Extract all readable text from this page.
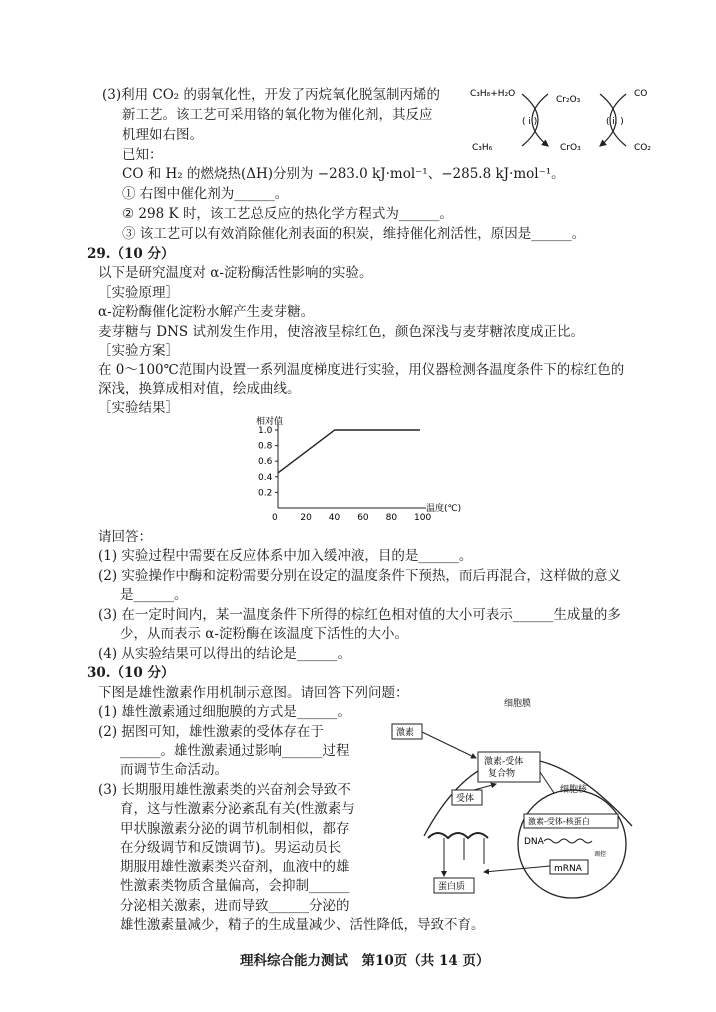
(3)利用 CO₂ 的弱氧化性，开发了丙烷氧化脱氢制丙烯的
新工艺。该工艺可采用铬的氧化物为催化剂，其反应
机理如右图。
已知：
CO 和 H₂ 的燃烧热(ΔH)分别为 −283.0 kJ·mol⁻¹、−285.8 kJ·mol⁻¹。
① 右图中催化剂为______。
② 298 K 时，该工艺总反应的热化学方程式为______。
③ 该工艺可以有效消除催化剂表面的积炭，维持催化剂活性，原因是______。
C₃H₈+H₂O
C₃H₆
Cr₂O₃
CrO₃
CO
CO₂
( i )	( ii )
29.（10 分）
以下是研究温度对 α-淀粉酶活性影响的实验。
［实验原理］
α-淀粉酶催化淀粉水解产生麦芽糖。
麦芽糖与 DNS 试剂发生作用，使溶液呈棕红色，颜色深浅与麦芽糖浓度成正比。
［实验方案］
在 0～100℃范围内设置一系列温度梯度进行实验，用仪器检测各温度条件下的棕红色的
深浅，换算成相对值，绘成曲线。
［实验结果］
相对值
温度(℃)
0.2
0.4
0.6
0.8
1.0
0	20 40 60 80 100
请回答：
(1) 实验过程中需要在反应体系中加入缓冲液，目的是______。
(2) 实验操作中酶和淀粉需要分别在设定的温度条件下预热，而后再混合，这样做的意义
是______。
(3) 在一定时间内，某一温度条件下所得的棕红色相对值的大小可表示______生成量的多
少，从而表示 α-淀粉酶在该温度下活性的大小。
(4) 从实验结果可以得出的结论是______。
30.（10 分）
下图是雄性激素作用机制示意图。请回答下列问题：
(1) 雄性激素通过细胞膜的方式是______。
(2) 据图可知，雄性激素的受体存在于
______。雄性激素通过影响______过程
而调节生命活动。
(3) 长期服用雄性激素类的兴奋剂会导致不
育，这与性激素分泌紊乱有关(性激素与
甲状腺激素分泌的调节机制相似，都存
在分级调节和反馈调节)。男运动员长
期服用雄性激素类兴奋剂，血液中的雄
性激素类物质含量偏高，会抑制______
分泌相关激素，进而导致______分泌的
雄性激素量减少，精子的生成量减少、活性降低，导致不育。
细胞膜
激素
激素-受体
复合物
受体
细胞核
激素-受体-核蛋白
DNA
调控
mRNA
蛋白质
理科综合能力测试　第10页（共 14 页）
